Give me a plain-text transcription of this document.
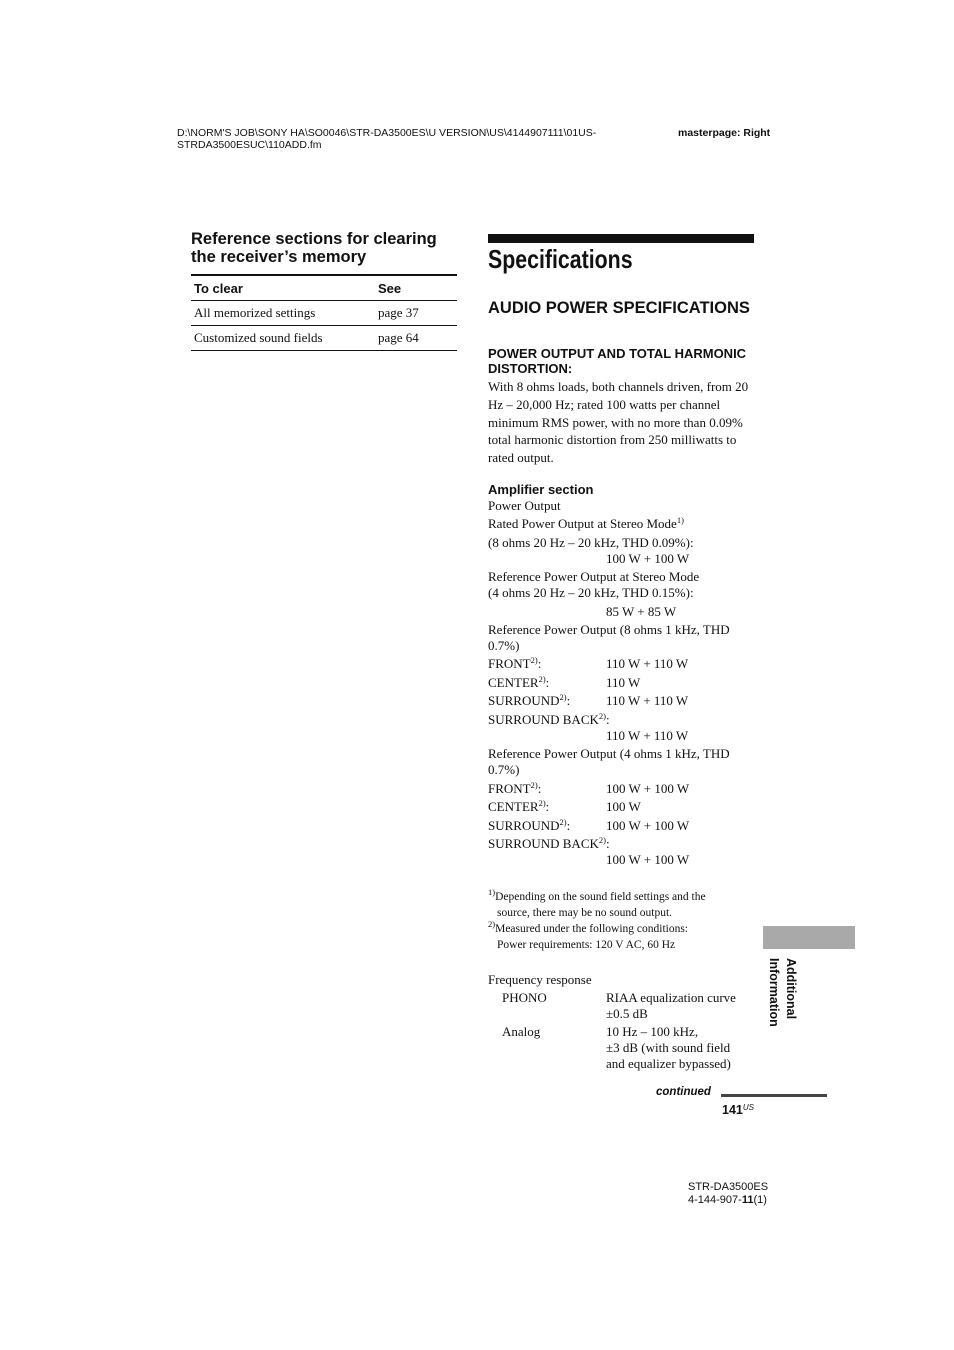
D:\NORM'S JOB\SONY HA\SO0046\STR-DA3500ES\U VERSION\US\4144907111\01US-
STRDA3500ESUC\110ADD.fm
masterpage: Right
Reference sections for clearing the receiver’s memory
To clear	See
All memorized settings	page 37
Customized sound fields	page 64
Specifications
AUDIO POWER SPECIFICATIONS
POWER OUTPUT AND TOTAL HARMONIC DISTORTION:
With 8 ohms loads, both channels driven, from 20 Hz – 20,000 Hz; rated 100 watts per channel minimum RMS power, with no more than 0.09% total harmonic distortion from 250 milliwatts to rated output.
Amplifier section
Power Output
Rated Power Output at Stereo Mode$^{1)}$
(8 ohms 20 Hz – 20 kHz, THD 0.09%):
100 W + 100 W
Reference Power Output at Stereo Mode
(4 ohms 20 Hz – 20 kHz, THD 0.15%):
85 W + 85 W
Reference Power Output (8 ohms 1 kHz, THD
0.7%)
FRONT$^{2)}$:	110 W + 110 W
CENTER$^{2)}$:	110 W
SURROUND$^{2)}$:	110 W + 110 W
SURROUND BACK$^{2)}$:
110 W + 110 W
Reference Power Output (4 ohms 1 kHz, THD
0.7%)
FRONT$^{2)}$:	100 W + 100 W
CENTER$^{2)}$:	100 W
SURROUND$^{2)}$:	100 W + 100 W
SURROUND BACK$^{2)}$:
100 W + 100 W
$^{1)}$Depending on the sound field settings and the
source, there may be no sound output.
$^{2)}$Measured under the following conditions:
Power requirements: 120 V AC, 60 Hz
Frequency response
PHONO	RIAA equalization curve
±0.5 dB
Analog	10 Hz – 100 kHz,
±3 dB (with sound field
and equalizer bypassed)
Additional
Information
continued
$141^{US}$
STR-DA3500ES
4-144-907-11(1)
